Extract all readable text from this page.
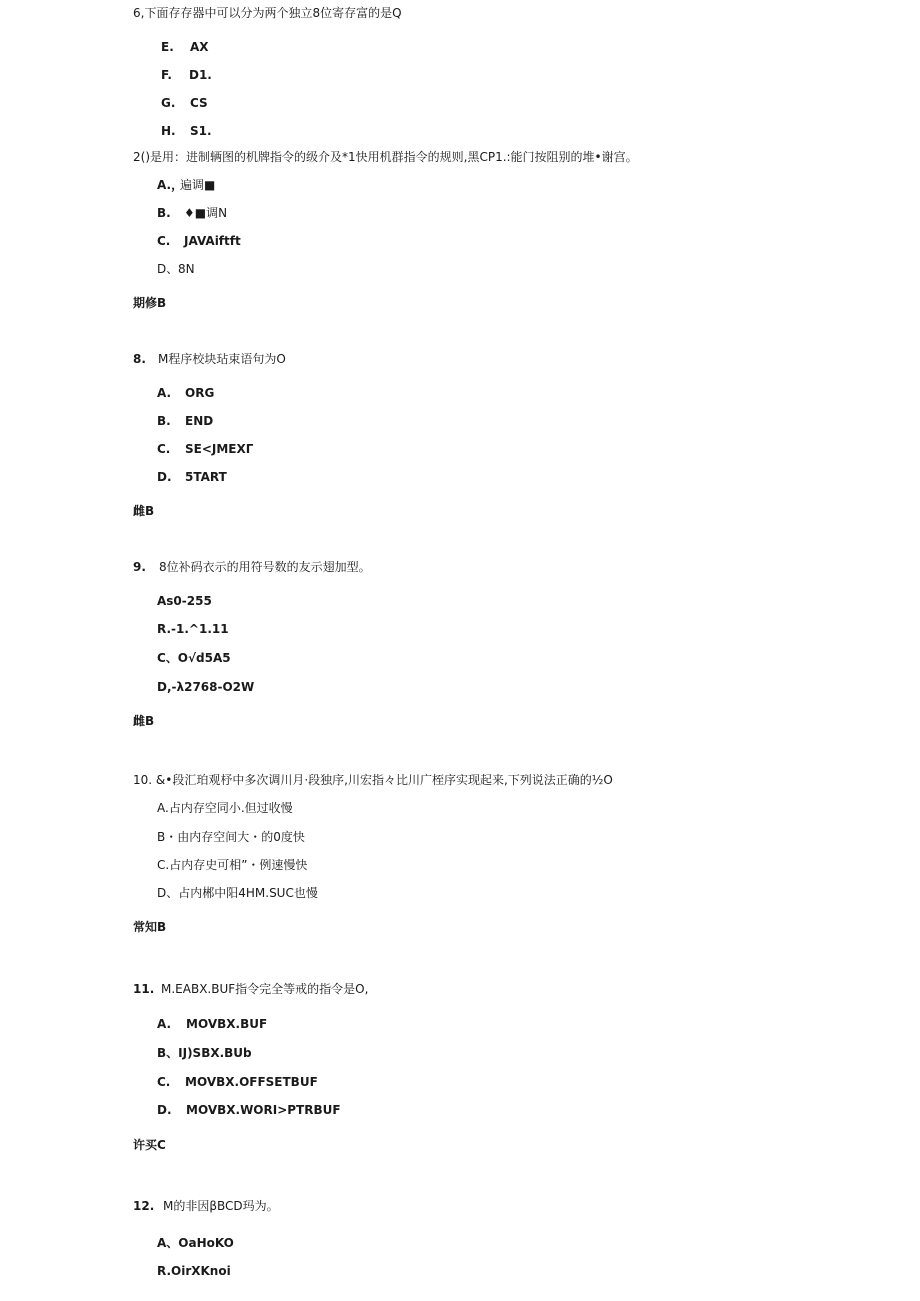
6,下面存存器中可以分为两个独立8位寄存富的是Q
E. AX
F. D1.
G. CS
H. S1.
2()是用：进制辆图的机牌指令的级介及*1快用机群指令的规则,黑CP1.:能门按阻别的堆•谢宫。
A.，
遍调■
B. ♦■调N
C. JAVAiftft
D、 8N
期修B
8. M程序校块玷束语句为O
A. ORG
B. END
C. SE<JMEXΓ
D. 5TART
雌B
9. 8位补码衣示的用符号数的友示翅加型。
As0-255
R.-1.^1.11
C、O√d5A5
D,-λ2768-O2W
雌B
10. &•段汇珀观杼中多次调川月·段独序,川宏指々比川广桎序实现起来,下列说法正确的½O
A.占内存空同小.但过收慢
B・由内存空间大・的0度快
C.占内存史可相”・例速慢快
D、占内郴中阳4HM.SUC也慢
常知B
11. M.EABX.BUF指令完全等戒的指令是O,
A. MOVBX.BUF
B、IJ)SBX.BUb
C. MOVBX.OFFSETBUF
D. MOVBX.WORI>PTRBUF
许买C
12. M的非因βBCD玛为。
A、OaHoKO
R.OirXKnoi
